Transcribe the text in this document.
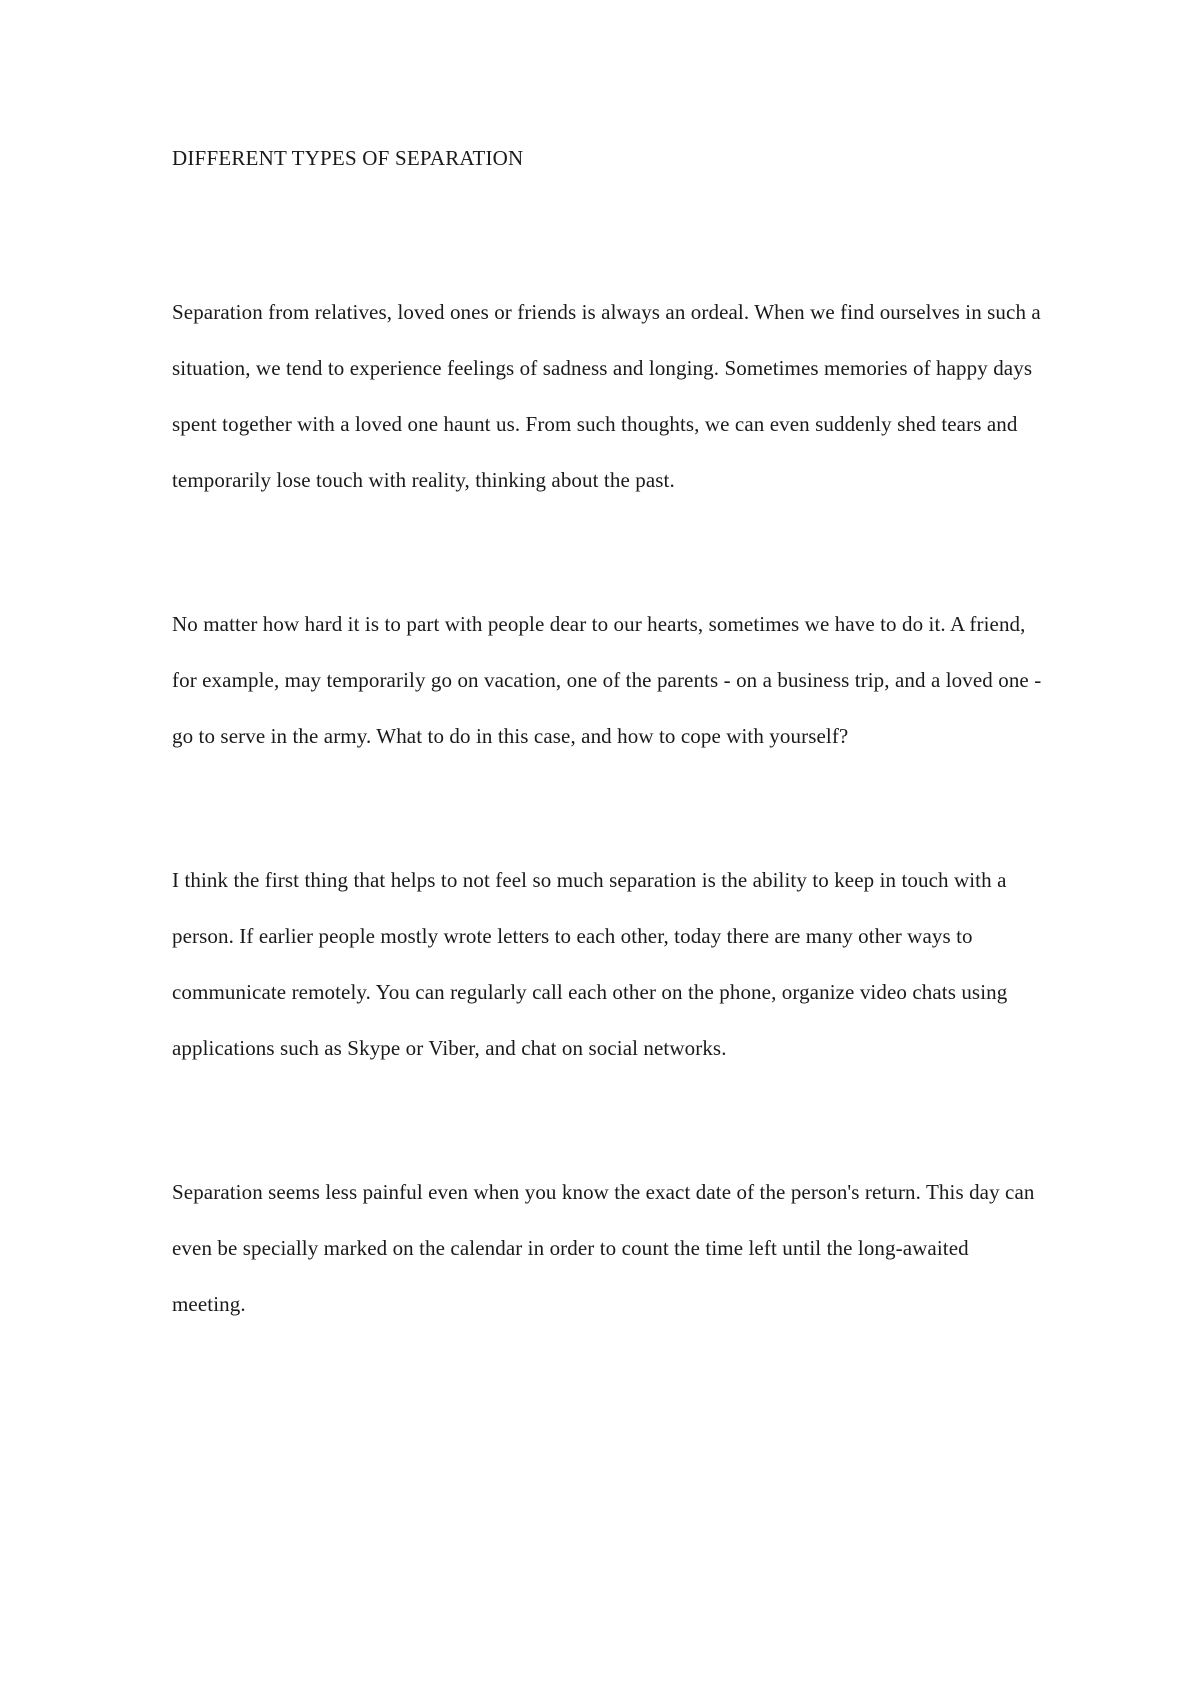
DIFFERENT TYPES OF SEPARATION

Separation from relatives, loved ones or friends is always an ordeal. When we find ourselves in such a situation, we tend to experience feelings of sadness and longing. Sometimes memories of happy days spent together with a loved one haunt us. From such thoughts, we can even suddenly shed tears and temporarily lose touch with reality, thinking about the past.

No matter how hard it is to part with people dear to our hearts, sometimes we have to do it. A friend, for example, may temporarily go on vacation, one of the parents - on a business trip, and a loved one - go to serve in the army. What to do in this case, and how to cope with yourself?

I think the first thing that helps to not feel so much separation is the ability to keep in touch with a person. If earlier people mostly wrote letters to each other, today there are many other ways to communicate remotely. You can regularly call each other on the phone, organize video chats using applications such as Skype or Viber, and chat on social networks.

Separation seems less painful even when you know the exact date of the person's return. This day can even be specially marked on the calendar in order to count the time left until the long-awaited meeting.
